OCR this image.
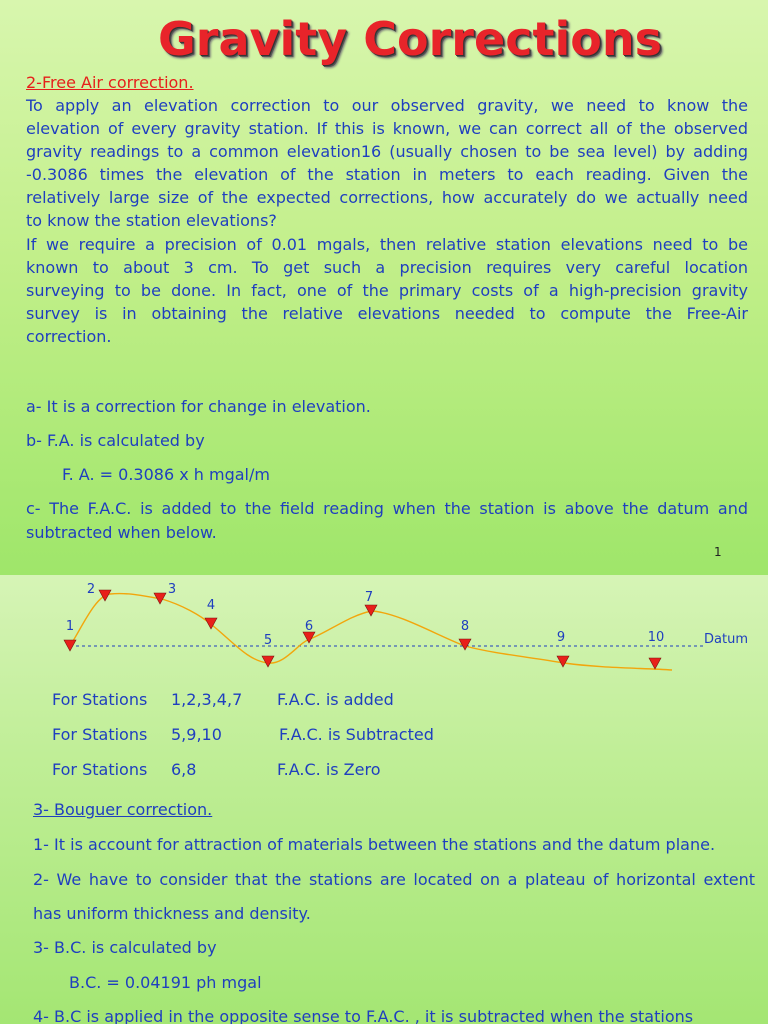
Gravity Corrections
2-Free Air correction.
To apply an elevation correction to our observed gravity, we need to know the
elevation of every gravity station. If this is known, we can correct all of the observed
gravity readings to a common elevation16 (usually chosen to be sea level) by adding
-0.3086 times the elevation of the station in meters to each reading. Given the
relatively large size of the expected corrections, how accurately do we actually need
to know the station elevations?
If we require a precision of 0.01 mgals, then relative station elevations need to be
known to about 3 cm. To get such a precision requires very careful location
surveying to be done. In fact, one of the primary costs of a high-precision gravity
survey is in obtaining the relative elevations needed to compute the Free-Air
correction.
a- It is a correction for change in elevation.
b- F.A. is calculated by
F. A. = 0.3086 x h mgal/m
c- The F.A.C. is added to the field reading when the station is above the datum and
subtracted when below.
1
Datum
1
2	3
4
5
6
7
8
9	10
For Stations 1,2,3,4,7 F.A.C. is added
For Stations 5,9,10	F.A.C. is Subtracted
For Stations 6,8	F.A.C. is Zero
3- Bouguer correction.
1- It is account for attraction of materials between the stations and the datum plane.
2- We have to consider that the stations are located on a plateau of horizontal extent
has uniform thickness and density.
3- B.C. is calculated by
B.C. = 0.04191 ph mgal
4- B.C is applied in the opposite sense to F.A.C. , it is subtracted when the stations
